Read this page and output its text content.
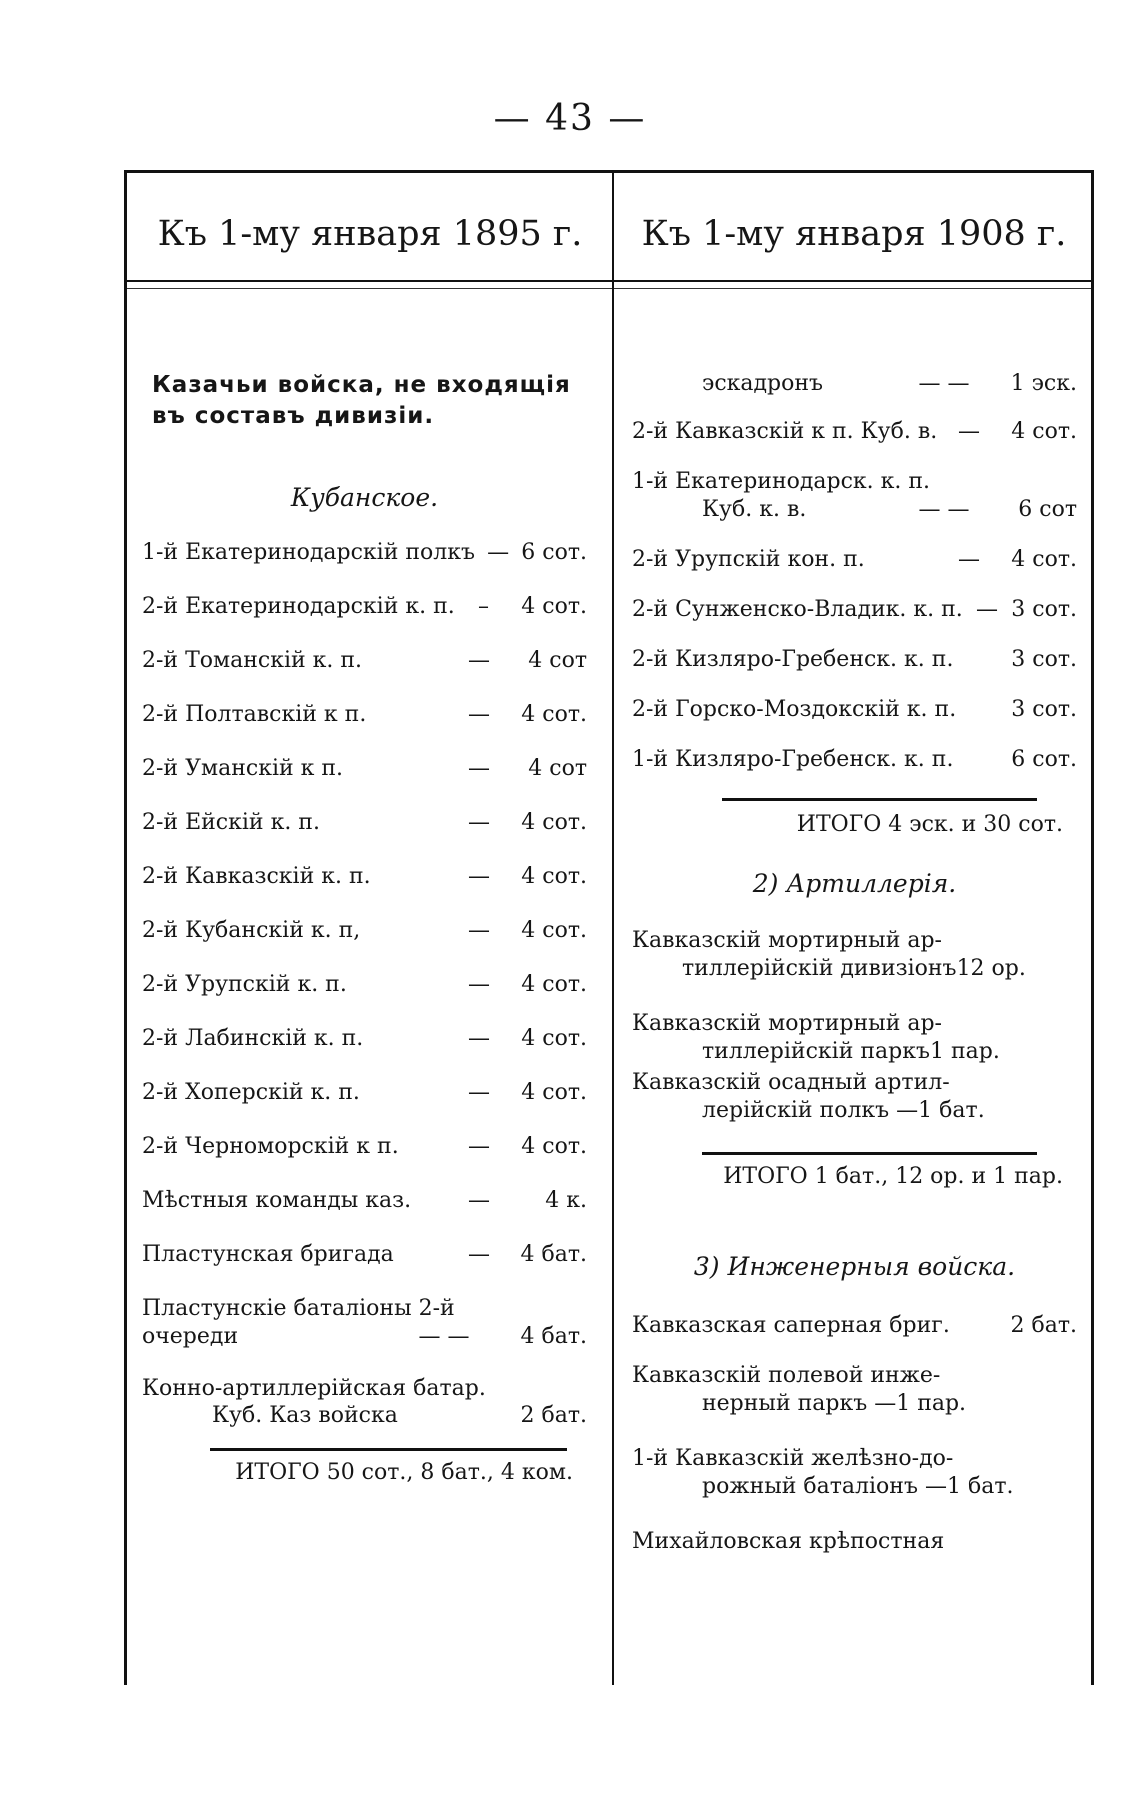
— 43 —
Къ 1-му января 1895 г.	Къ 1-му января 1908 г.
Казачьи войска, не входящія въ составъ дивизіи.
Кубанское.
1-й Екатеринодарскій полкъ — 6 сот.
2-й Екатеринодарскій к. п.	–	4 сот.
2-й Томанскій к. п.	—	4 сот
2-й Полтавскій к п.	—	4 сот.
2-й Уманскій к п.	—	4 сот
2-й Ейскій к. п.	—	4 сот.
2-й Кавказскій к. п.	—	4 сот.
2-й Кубанскій к. п,	—	4 сот.
2-й Урупскій к. п.	—	4 сот.
2-й Лабинскій к. п.	—	4 сот.
2-й Хоперскій к. п.	—	4 сот.
2-й Черноморскій к п.	—	4 сот.
Мѣстныя команды каз.	—	4 к.
Пластунская бригада	—	4 бат.
Пластунскіе баталіоны 2-й
очереди	— —	4 бат.
Конно-артиллерійская батар.
Куб. Каз войска	2 бат.
ИТОГО 50 сот., 8 бат., 4 ком.
эскадронъ	— —	1 эск.
2-й Кавказскій к п. Куб. в. —	4 сот.
1-й Екатеринодарск. к. п.
Куб. к. в.	— —	6 сот
2-й Урупскій кон. п.	—	4 сот.
2-й Сунженско-Владик. к. п. — 3 сот.
2-й Кизляро-Гребенск. к. п.	3 сот.
2-й Горско-Моздокскій к. п.	3 сот.
1-й Кизляро-Гребенск. к. п.	6 сот.
ИТОГО 4 эск. и 30 сот.
2) Артиллерія.
Кавказскій мортирный ар-
тиллерійскій дивизіонъ12 ор.
Кавказскій мортирный ар-
тиллерійскій паркъ1 пар.
Кавказскій осадный артил-
лерійскій полкъ —1 бат.
ИТОГО 1 бат., 12 ор. и 1 пар.
3) Инженерныя войска.
Кавказская саперная бриг.	2 бат.
Кавказскій полевой инже-
нерный паркъ —1 пар.
1-й Кавказскій желѣзно-до-
рожный баталіонъ —1 бат.
Михайловская крѣпостная
